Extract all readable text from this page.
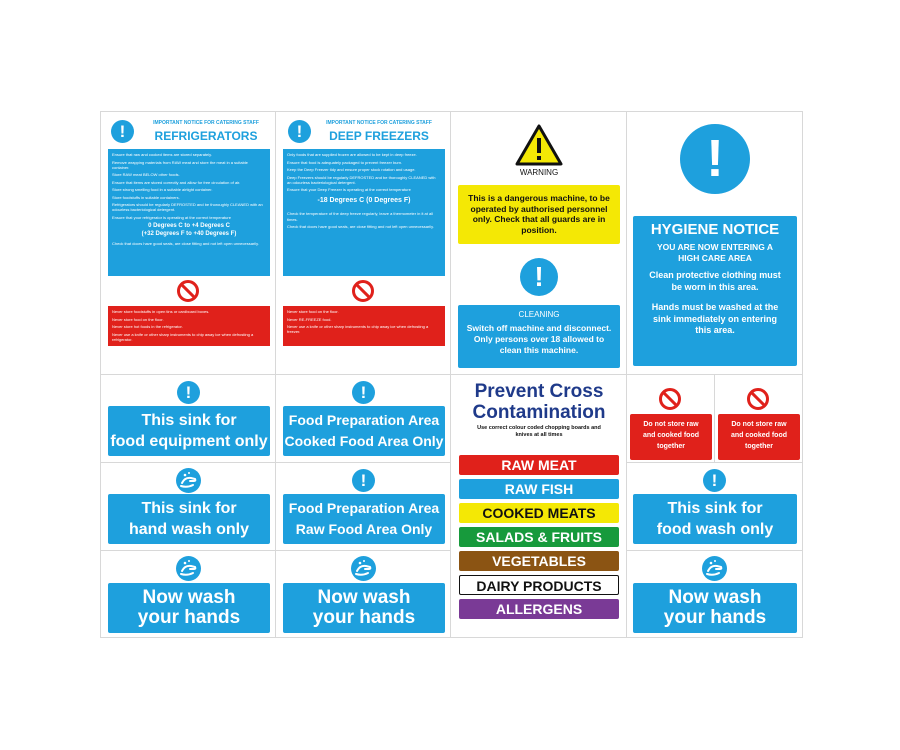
!	IMPORTANT NOTICE FOR CATERING STAFF
REFRIGERATORS

Ensure that raw and cooked items are stored separately.

Remove wrapping materials from RAW meat and store the meat in a suitable container.

Store RAW meat BELOW other foods.

Ensure that items are stored correctly and allow for free circulation of air.

Store strong smelling food in a suitable airtight container.

Store foodstuffs in suitable containers.

Refrigerators should be regularly DEFROSTED and be thoroughly CLEANED with an odourless bacteriological detergent.

Ensure that your refrigerator is operating at the correct temperature

0 Degrees C to +4 Degrees C
(+32 Degrees F to +40 Degrees F)

Check that doors have good seals, are close fitting and not left open unnecessarily.

Never store foodstuffs in open tins or cardboard boxes.

Never store food on the floor.

Never store hot foods in the refrigerator.

Never use a knife or other sharp instruments to chip away ice when defrosting a refrigerator.

!	IMPORTANT NOTICE FOR CATERING STAFF
DEEP FREEZERS

Only foods that are supplied frozen are allowed to be kept in deep freeze.

Ensure that food is adequately packaged to prevent freezer burn.

Keep the Deep Freezer tidy and ensure proper stock rotation and usage.

Deep Freezers should be regularly DEFROSTED and be thoroughly CLEANED with an odourless bacteriological detergent.

Ensure that your Deep Freezer is operating at the correct temperature

-18 Degrees C (0 Degrees F)

Check the temperature of the deep freeze regularly, leave a thermometer in it at all times.

Check that doors have good seals, are close fitting and not left open unnecessarily.

Never store food on the floor.

Never RE-FREEZE food.

Never use a knife or other sharp instruments to chip away ice when defrosting a freezer.

WARNING
This is a dangerous machine, to be operated by authorised personnel only. Check that all guards are in position.
!
CLEANING
Switch off machine and disconnect. Only persons over 18 allowed to clean this machine.
!
HYGIENE NOTICE
YOU ARE NOW ENTERING A HIGH CARE AREA
Clean protective clothing must be worn in this area.
Hands must be washed at the sink immediately on entering this area.
!
This sink for
food equipment only
!
Food Preparation Area
Cooked Food Area Only
This sink for
hand wash only
!
Food Preparation Area
Raw Food Area Only
Now wash
your hands
Now wash
your hands
Prevent Cross
Contamination
Use correct colour coded chopping boards and knives at all times
RAW MEAT
RAW FISH
COOKED MEATS
SALADS & FRUITS
VEGETABLES
DAIRY PRODUCTS
ALLERGENS
Do not store raw
and cooked food
together
Do not store raw
and cooked food
together
!
This sink for
food wash only
Now wash
your hands
